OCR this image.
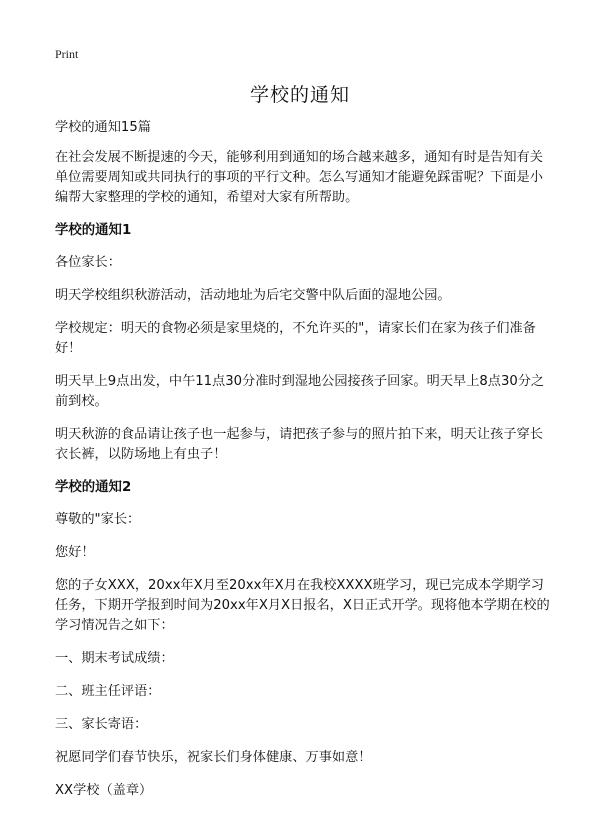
Print
学校的通知

学校的通知15篇

在社会发展不断提速的今天，能够利用到通知的场合越来越多，通知有时是告知有关单位需要周知或共同执行的事项的平行文种。怎么写通知才能避免踩雷呢？下面是小编帮大家整理的学校的通知，希望对大家有所帮助。

学校的通知1

各位家长：

明天学校组织秋游活动，活动地址为后宅交警中队后面的湿地公园。

学校规定：明天的食物必须是家里烧的，不允许买的"，请家长们在家为孩子们准备好！

明天早上9点出发，中午11点30分准时到湿地公园接孩子回家。明天早上8点30分之前到校。

明天秋游的食品请让孩子也一起参与，请把孩子参与的照片拍下来，明天让孩子穿长衣长裤，以防场地上有虫子！

学校的通知2

尊敬的"家长：

您好！

您的子女XXX，20xx年X月至20xx年X月在我校XXXX班学习，现已完成本学期学习任务，下期开学报到时间为20xx年X月X日报名，X日正式开学。现将他本学期在校的学习情况告之如下：

一、期末考试成绩：

二、班主任评语：

三、家长寄语：

祝愿同学们春节快乐，祝家长们身体健康、万事如意！

XX学校（盖章）
